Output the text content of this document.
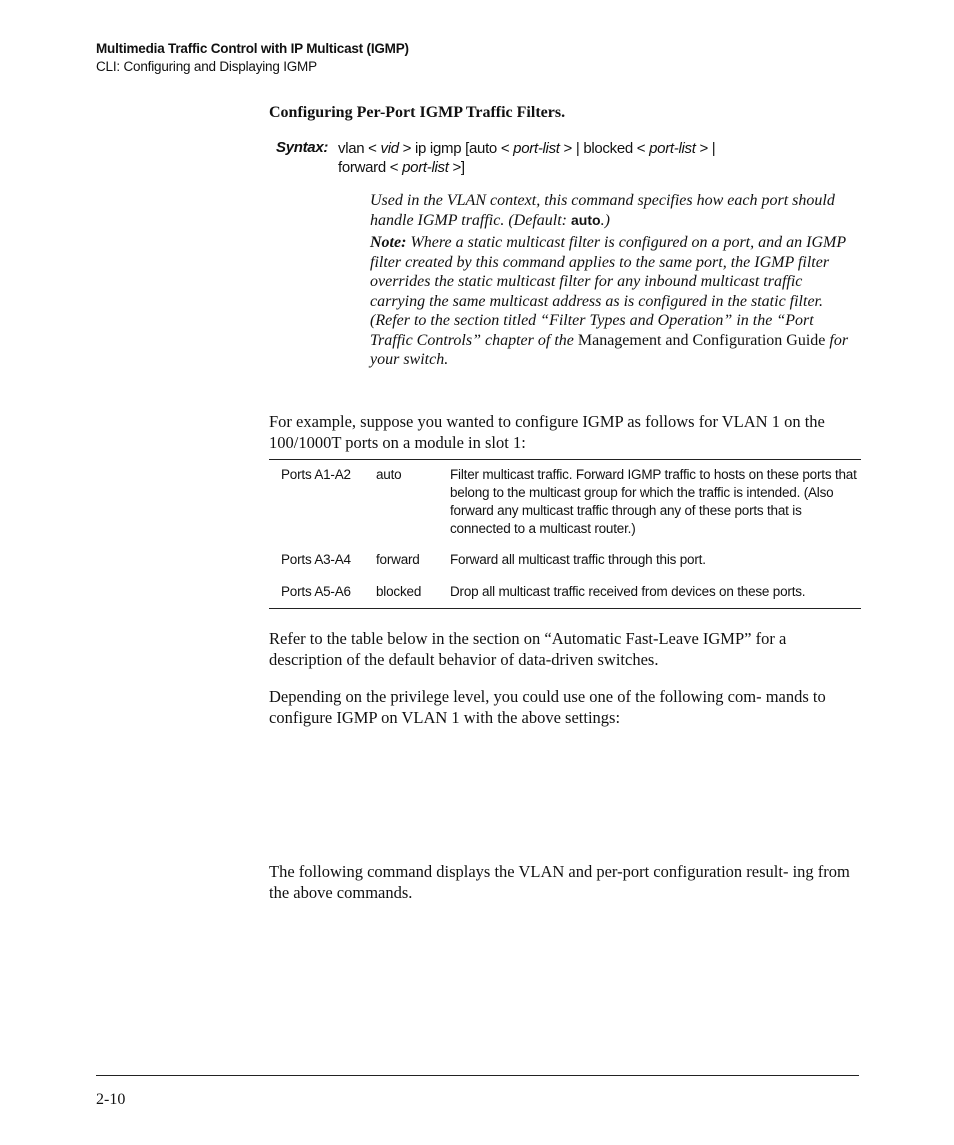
Multimedia Traffic Control with IP Multicast (IGMP)
CLI: Configuring and Displaying IGMP
Configuring Per-Port IGMP Traffic Filters.
Syntax: vlan < vid > ip igmp [auto < port-list > | blocked < port-list > |
forward < port-list >]
Used in the VLAN context, this command specifies how each port should handle IGMP traffic. (Default: auto.)
Note: Where a static multicast filter is configured on a port, and an IGMP filter created by this command applies to the same port, the IGMP filter overrides the static multicast filter for any inbound multicast traffic carrying the same multicast address as is configured in the static filter. (Refer to the section titled “Filter Types and Operation” in the “Port Traffic Controls” chapter of the Management and Configuration Guide for your switch.
For example, suppose you wanted to configure IGMP as follows for VLAN 1 on the 100/1000T ports on a module in slot 1:
Ports A1-A2 auto	Filter multicast traffic. Forward IGMP traffic to hosts on these ports that belong to the multicast group for which the traffic is intended. (Also forward any multicast traffic through any of these ports that is connected to a multicast router.)
Ports A3-A4 forward Forward all multicast traffic through this port.
Ports A5-A6 blocked Drop all multicast traffic received from devices on these ports.
Refer to the table below in the section on “Automatic Fast-Leave IGMP” for a description of the default behavior of data-driven switches.
Depending on the privilege level, you could use one of the following com- mands to configure IGMP on VLAN 1 with the above settings:
The following command displays the VLAN and per-port configuration result- ing from the above commands.
2-10
